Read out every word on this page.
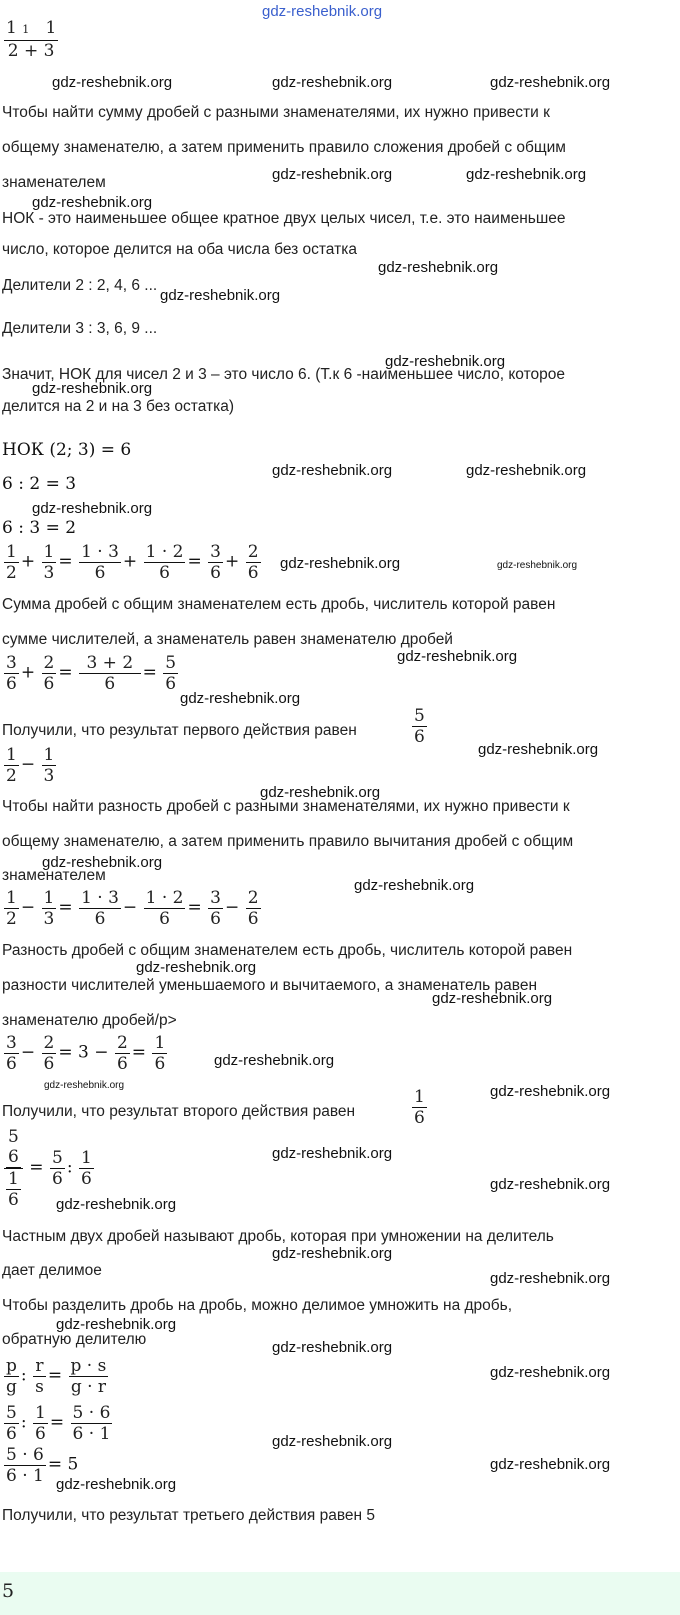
gdz-reshebnik.org
$\frac{1 1 1}{2 + 3}$
gdz-reshebnik.org	gdz-reshebnik.org	gdz-reshebnik.org
Чтобы найти сумму дробей с разными знаменателями, их нужно привести к
общему знаменателю, а затем применить правило сложения дробей с общим
знаменателем	gdz-reshebnik.org	gdz-reshebnik.org
gdz-reshebnik.org
НОК - это наименьшее общее кратное двух целых чисел, т.е. это наименьшее
число, которое делится на оба числа без остатка
gdz-reshebnik.org
Делители 2 : 2, 4, 6 ...
gdz-reshebnik.org
Делители 3 : 3, 6, 9 ...
gdz-reshebnik.org
Значит, НОК для чисел 2 и 3 – это число 6. (Т.к 6 -наименьшее число, которое
gdz-reshebnik.org
делится на 2 и на 3 без остатка)
НОК (2; 3) = 6
gdz-reshebnik.org	gdz-reshebnik.org
6 : 2 = 3
gdz-reshebnik.org
6 : 3 = 2
$\frac{1}{2} + \frac{1}{3} = \frac{1 \cdot 3}{6} + \frac{1 \cdot 2}{6} = \frac{3}{6} + \frac{2}{6}$ gdz-reshebnik.org	gdz-reshebnik.org
Сумма дробей с общим знаменателем есть дробь, числитель которой равен
сумме числителей, а знаменатель равен знаменателю дробей
gdz-reshebnik.org
$\frac{3}{6} + \frac{2}{6} = \frac{3 + 2}{6} = \frac{5}{6}$
gdz-reshebnik.org
Получили, что результат первого действия равен	$\frac{5}{6}$
gdz-reshebnik.org
$\frac{1}{2} - \frac{1}{3}$
gdz-reshebnik.org
Чтобы найти разность дробей с разными знаменателями, их нужно привести к
общему знаменателю, а затем применить правило вычитания дробей с общим
gdz-reshebnik.org
знаменателем
gdz-reshebnik.org
$\frac{1}{2} - \frac{1}{3} = \frac{1 \cdot 3}{6} - \frac{1 \cdot 2}{6} = \frac{3}{6} - \frac{2}{6}$
Разность дробей с общим знаменателем есть дробь, числитель которой равен
gdz-reshebnik.org
разности числителей уменьшаемого и вычитаемого, а знаменатель равен
gdz-reshebnik.org
знаменателю дробей/р>
$\frac{3}{6} - \frac{2}{6} = 3 - \frac{2}{6} = \frac{1}{6}$	gdz-reshebnik.org
gdz-reshebnik.org	gdz-reshebnik.org
Получили, что результат второго действия равен	$\frac{1}{6}$
5
6
1
$6 = \frac{5}{6}$ : $\frac{1}{6}$	gdz-reshebnik.org
gdz-reshebnik.org
gdz-reshebnik.org
Частным двух дробей называют дробь, которая при умножении на делитель
gdz-reshebnik.org
дает делимое	gdz-reshebnik.org
Чтобы разделить дробь на дробь, можно делимое умножить на дробь,
gdz-reshebnik.org
обратную делителю	gdz-reshebnik.org
$\frac{p}{g}$ : $\frac{r}{s} = \frac{p \cdot s}{g \cdot r}$	gdz-reshebnik.org
$\frac{5}{6}$ : $\frac{1}{6} = \frac{5 \cdot 6}{6 \cdot 1}$	gdz-reshebnik.org
$\frac{5 \cdot 6}{6 \cdot 1} = 5$	gdz-reshebnik.org
gdz-reshebnik.org
Получили, что результат третьего действия равен 5
5
